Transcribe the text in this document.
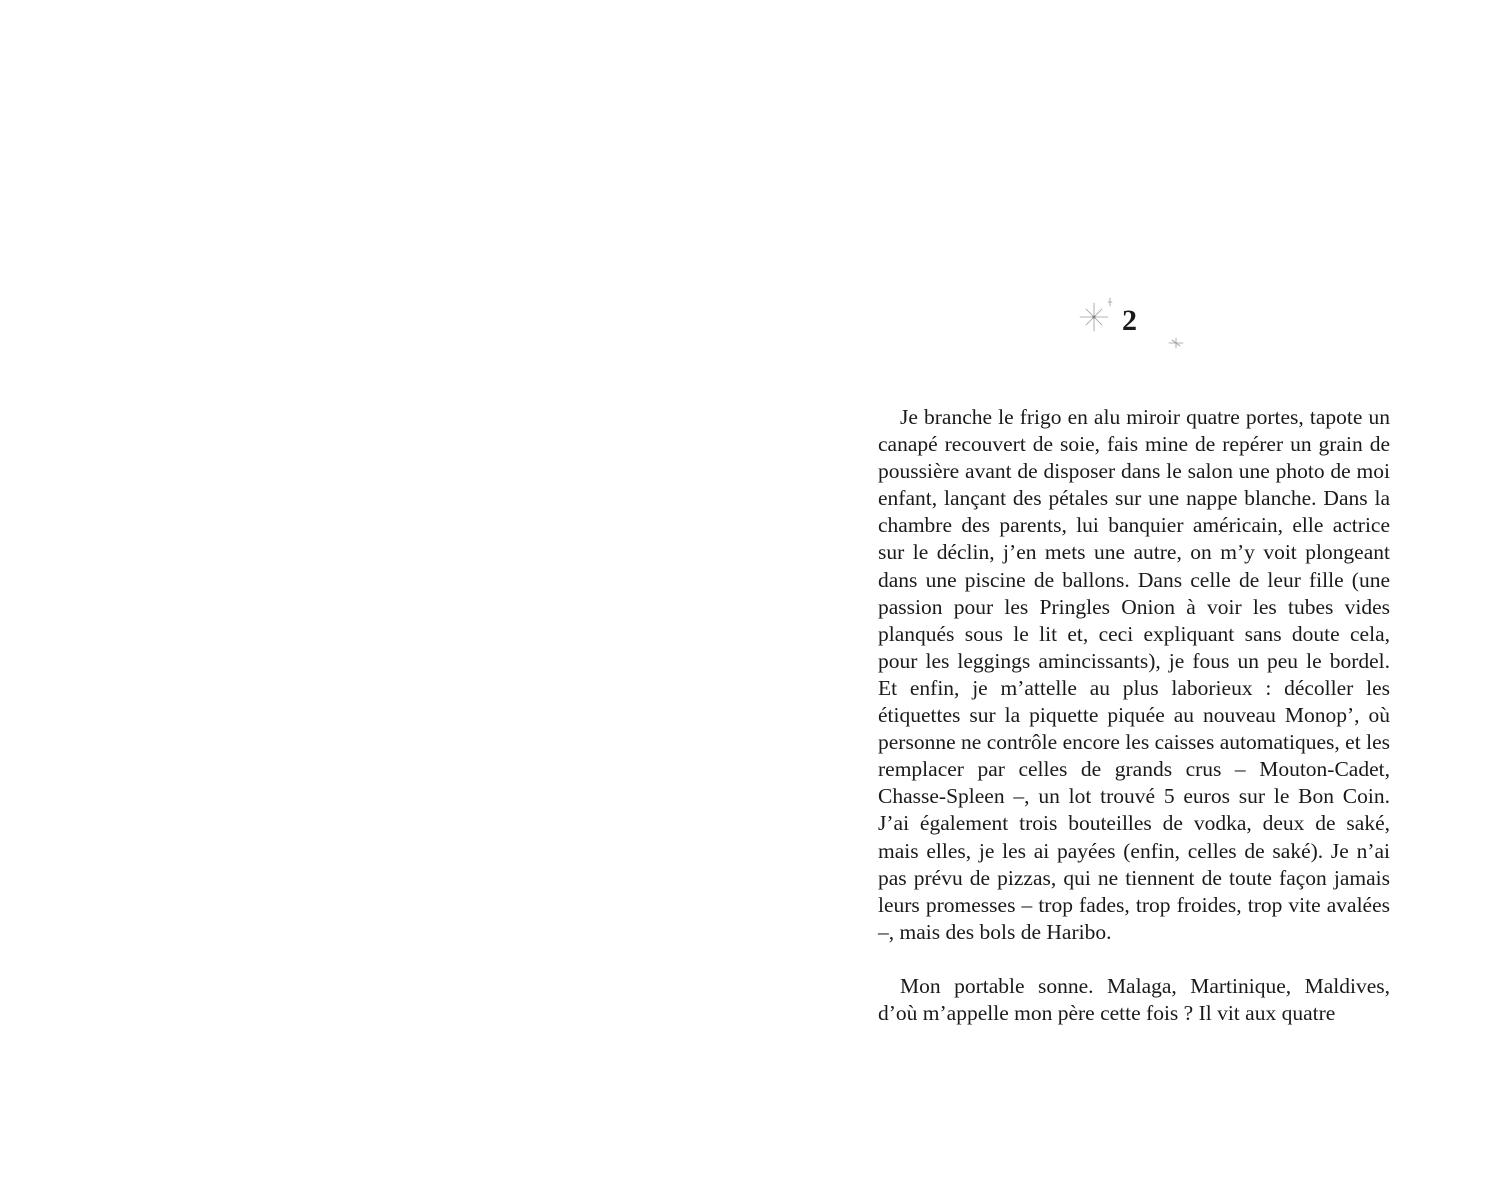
2

Je branche le frigo en alu miroir quatre portes, tapote un canapé recouvert de soie, fais mine de repérer un grain de poussière avant de disposer dans le salon une photo de moi enfant, lançant des pétales sur une nappe blanche. Dans la chambre des parents, lui banquier américain, elle actrice sur le déclin, j’en mets une autre, on m’y voit plongeant dans une piscine de ballons. Dans celle de leur fille (une passion pour les Pringles Onion à voir les tubes vides planqués sous le lit et, ceci expliquant sans doute cela, pour les leggings amincissants), je fous un peu le bordel. Et enfin, je m’attelle au plus laborieux : décoller les étiquettes sur la piquette piquée au nouveau Monop’, où personne ne contrôle encore les caisses automatiques, et les remplacer par celles de grands crus – Mouton-Cadet, Chasse-Spleen –, un lot trouvé 5 euros sur le Bon Coin. J’ai également trois bouteilles de vodka, deux de saké, mais elles, je les ai payées (enfin, celles de saké). Je n’ai pas prévu de pizzas, qui ne tiennent de toute façon jamais leurs promesses – trop fades, trop froides, trop vite avalées –, mais des bols de Haribo.

Mon portable sonne. Malaga, Martinique, Maldives, d’où m’appelle mon père cette fois ? Il vit aux quatre
